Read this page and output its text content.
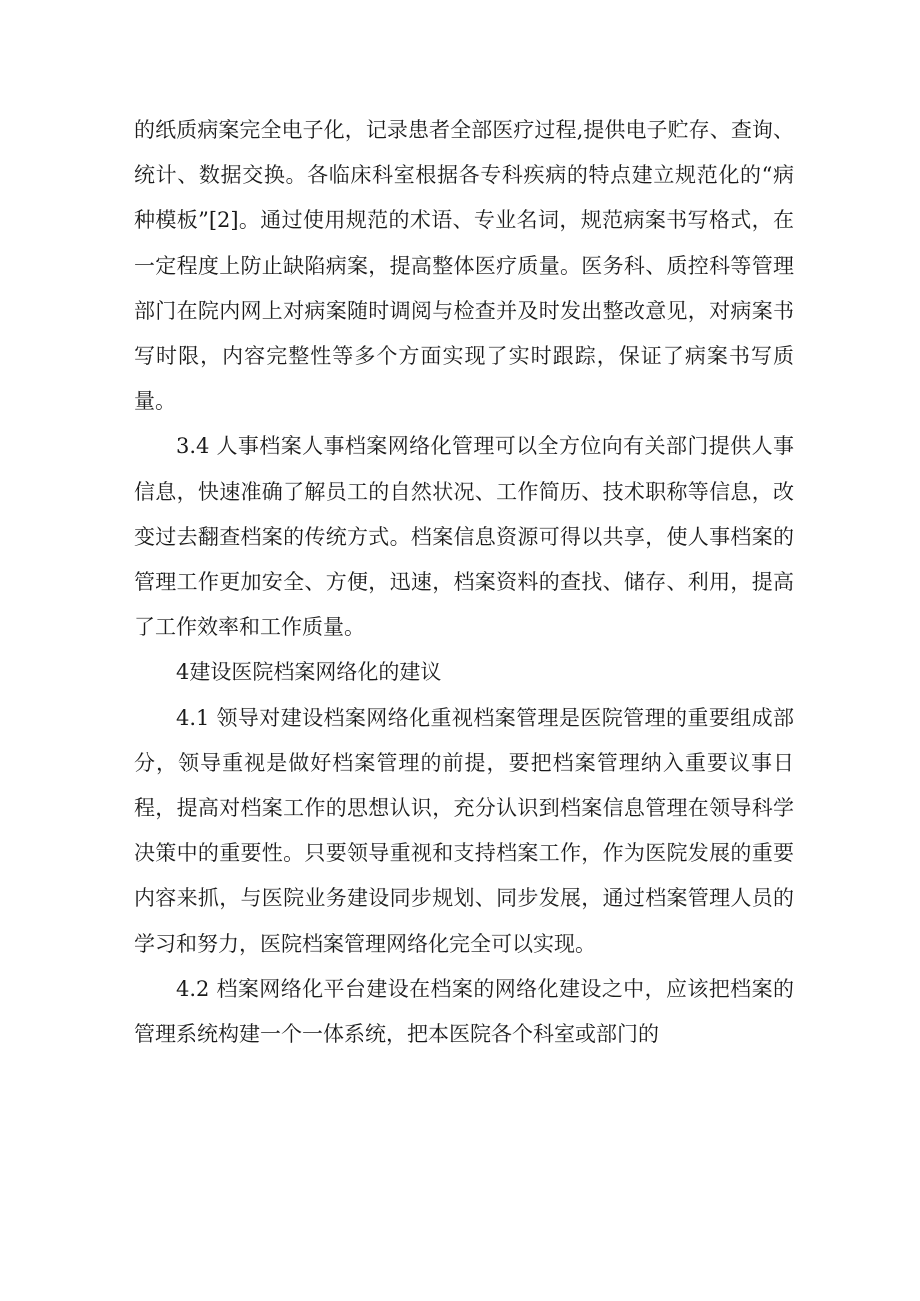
的纸质病案完全电子化，记录患者全部医疗过程,提供电子贮存、查询、统计、数据交换。各临床科室根据各专科疾病的特点建立规范化的“病种模板”[2]。通过使用规范的术语、专业名词，规范病案书写格式，在一定程度上防止缺陷病案，提高整体医疗质量。医务科、质控科等管理部门在院内网上对病案随时调阅与检查并及时发出整改意见，对病案书写时限，内容完整性等多个方面实现了实时跟踪，保证了病案书写质量。

3.4 人事档案人事档案网络化管理可以全方位向有关部门提供人事信息，快速准确了解员工的自然状况、工作简历、技术职称等信息，改变过去翻查档案的传统方式。档案信息资源可得以共享，使人事档案的管理工作更加安全、方便，迅速，档案资料的查找、储存、利用，提高了工作效率和工作质量。

4建设医院档案网络化的建议

4.1 领导对建设档案网络化重视档案管理是医院管理的重要组成部分，领导重视是做好档案管理的前提，要把档案管理纳入重要议事日程，提高对档案工作的思想认识，充分认识到档案信息管理在领导科学决策中的重要性。只要领导重视和支持档案工作，作为医院发展的重要内容来抓，与医院业务建设同步规划、同步发展，通过档案管理人员的学习和努力，医院档案管理网络化完全可以实现。

4.2 档案网络化平台建设在档案的网络化建设之中，应该把档案的管理系统构建一个一体系统，把本医院各个科室或部门的
